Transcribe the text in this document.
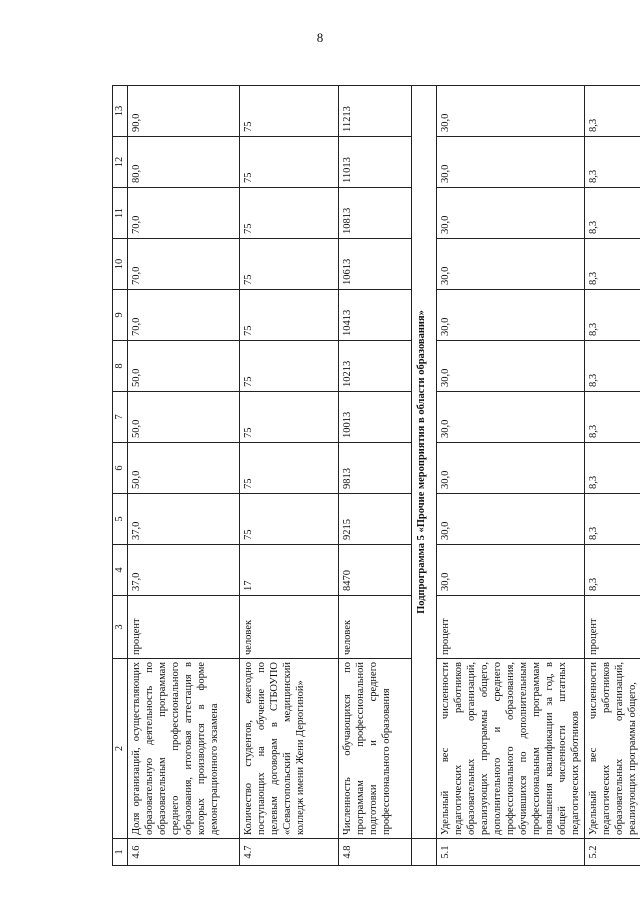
8
1	2	3	4	5	6	7	8	9	10	11	12	13
4.6	Доля организаций, осуществляющих образовательную деятельность по образовательным программам среднего профессионального образования, итоговая аттестация в которых производится в форме демонстрационного экзамена	процент	37,0	37,0	50,0	50,0	50,0	70,0	70,0	70,0	80,0	90,0
4.7	Количество студентов, ежегодно поступающих на обучение по целевым договорам в СТБОУПО «Севастопольский медицинский колледж имени Жени Дерюгиной»	человек	17	75	75	75	75	75	75	75	75	75
4.8	Численность обучающихся по программам профессиональной подготовки и среднего профессионального образования	человек	8470	9215	9813	10013	10213	10413	10613	10813	11013	11213
	Подпрограмма 5 «Прочие мероприятия в области образования»											
5.1	Удельный вес численности педагогических работников образовательных организаций, реализующих программы общего, дополнительного и среднего профессионального образования, обучившихся по дополнительным профессиональным программам повышения квалификации за год, в общей численности штатных педагогических работников	процент	30,0	30,0	30,0	30,0	30,0	30,0	30,0	30,0	30,0	30,0
5.2	Удельный вес численности педагогических работников образовательных организаций, реализующих программы общего,	процент	8,3	8,3	8,3	8,3	8,3	8,3	8,3	8,3	8,3	8,3
